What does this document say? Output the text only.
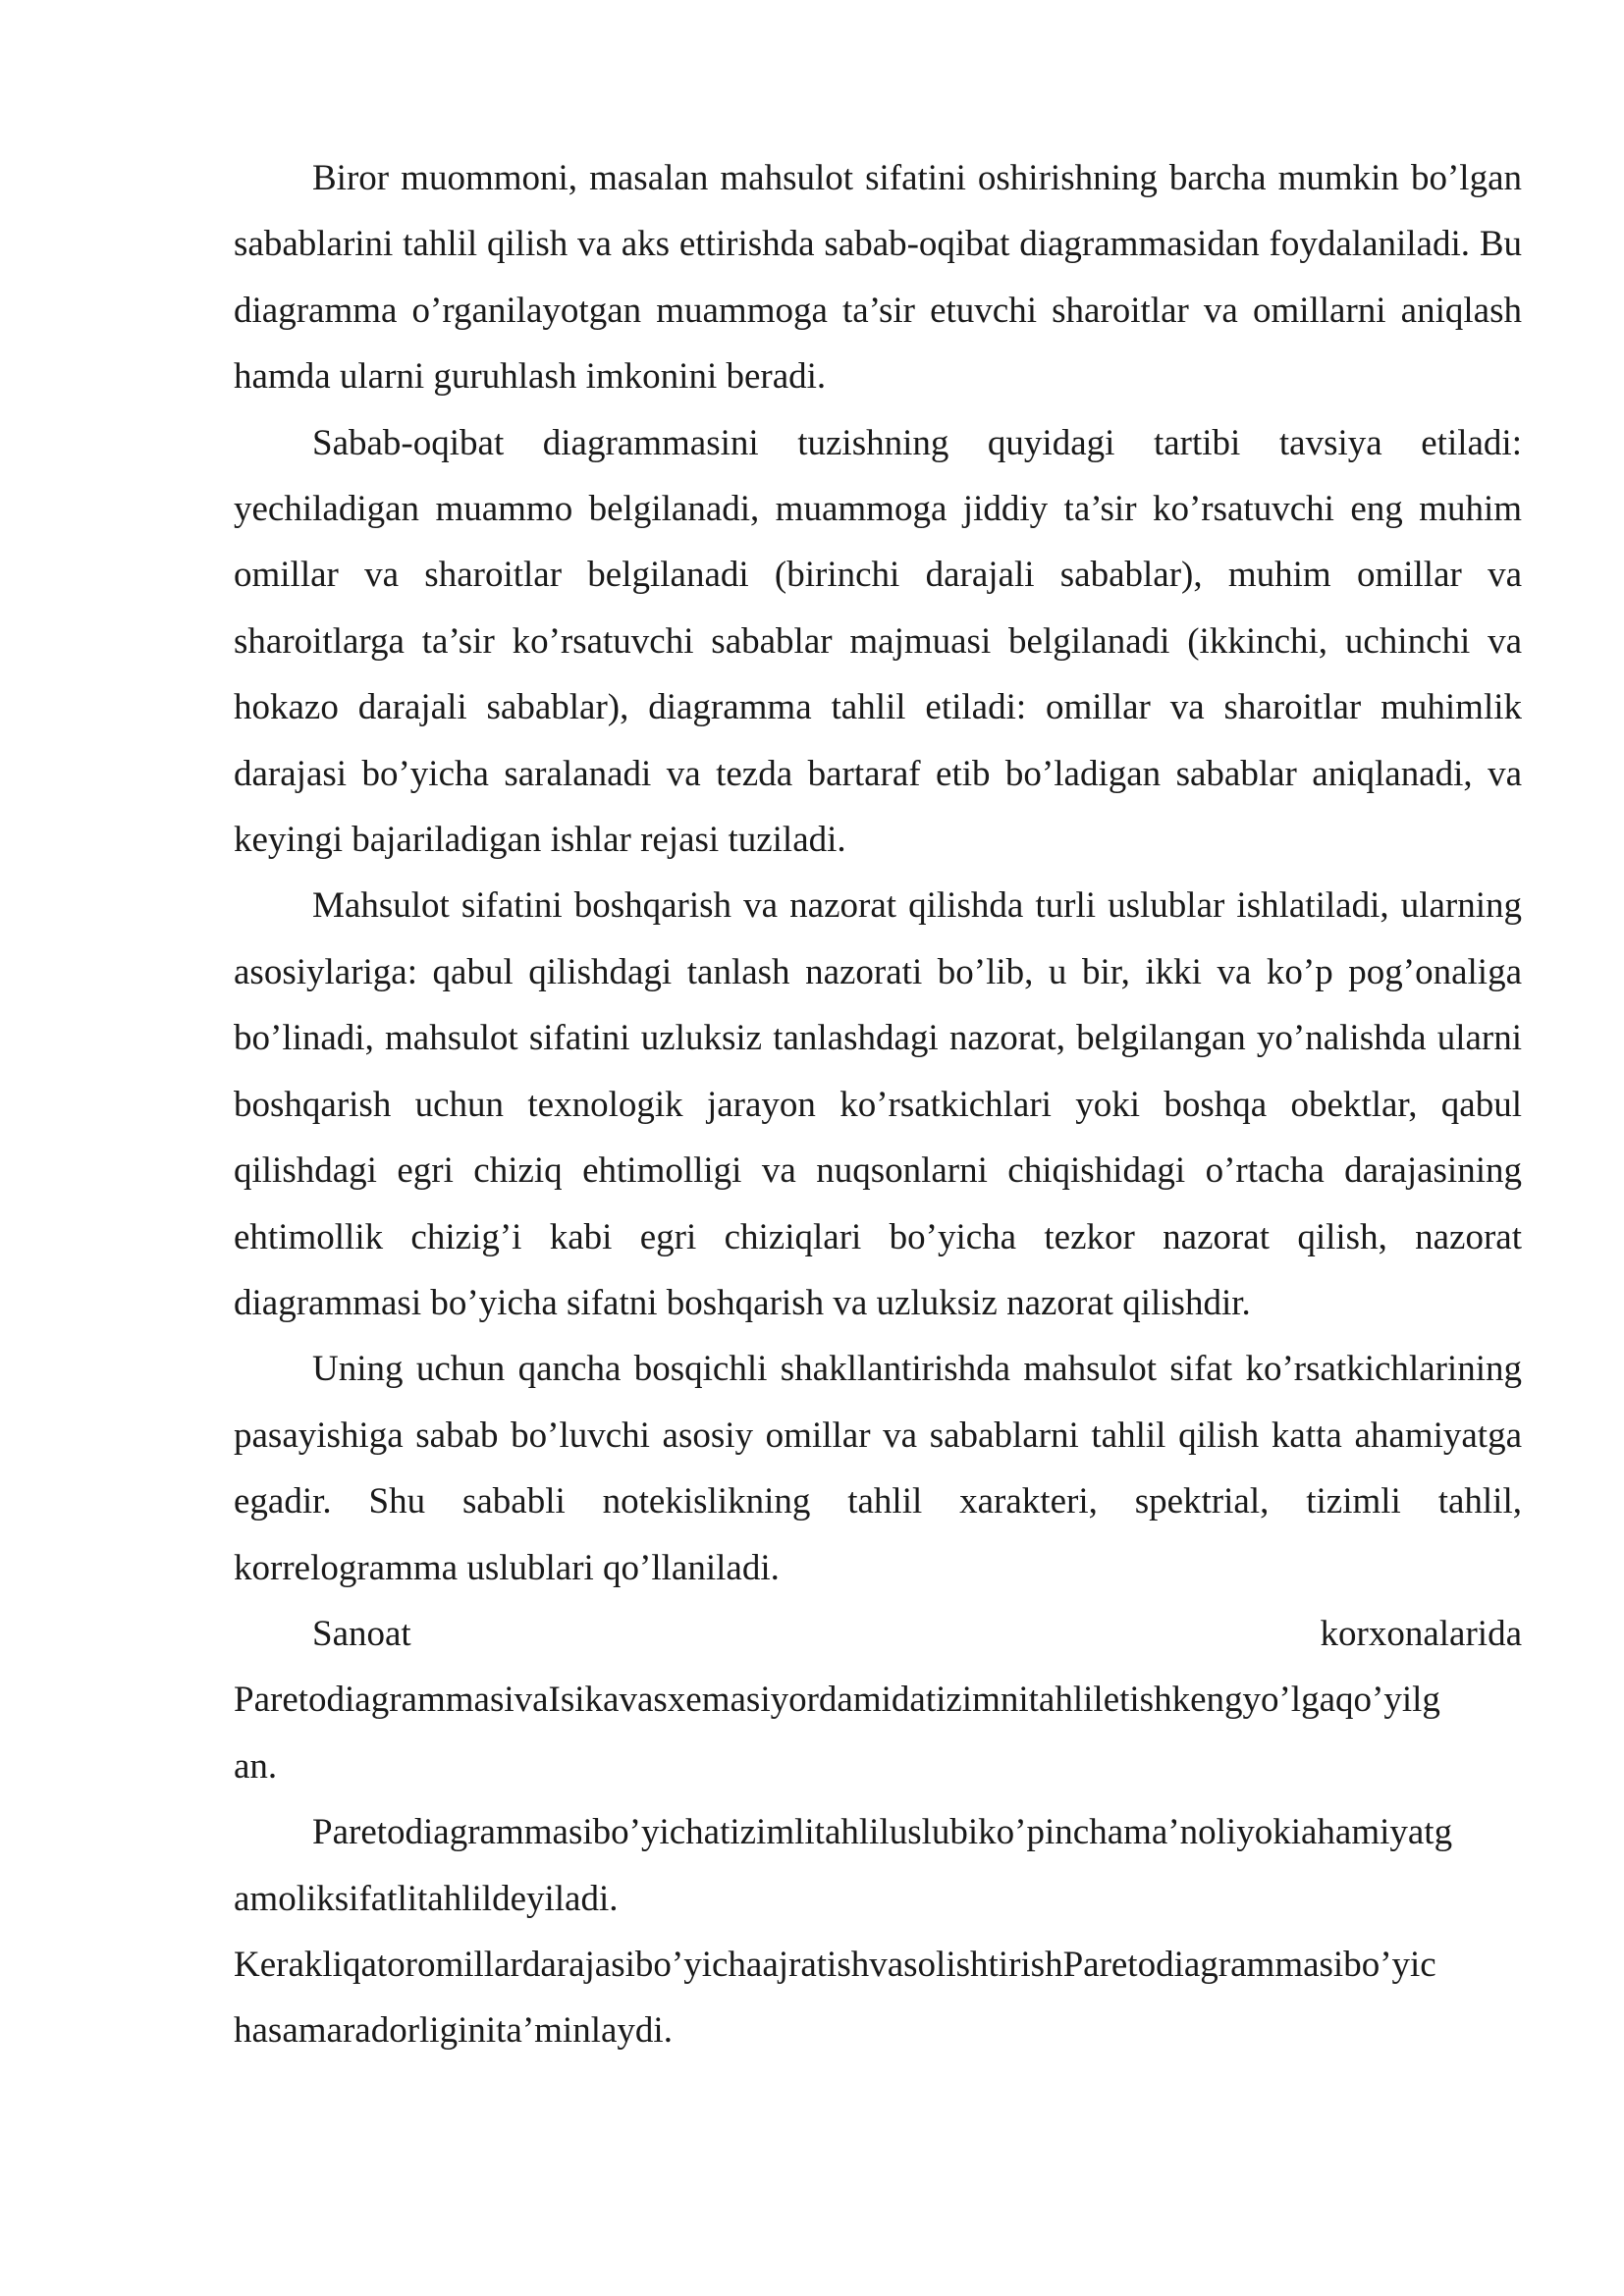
Biror muommoni, masalan mahsulot sifatini oshirishning barcha mumkin bo’lgan sabablarini tahlil qilish va aks ettirishda sabab-oqibat diagrammasidan foydalaniladi. Bu diagramma o’rganilayotgan muammoga ta’sir etuvchi sharoitlar va omillarni aniqlash hamda ularni guruhlash imkonini beradi.

Sabab-oqibat diagrammasini tuzishning quyidagi tartibi tavsiya etiladi: yechiladigan muammo belgilanadi, muammoga jiddiy ta’sir ko’rsatuvchi eng muhim omillar va sharoitlar belgilanadi (birinchi darajali sabablar), muhim omillar va sharoitlarga ta’sir ko’rsatuvchi sabablar majmuasi belgilanadi (ikkinchi, uchinchi va hokazo darajali sabablar), diagramma tahlil etiladi: omillar va sharoitlar muhimlik darajasi bo’yicha saralanadi va tezda bartaraf etib bo’ladigan sabablar aniqlanadi, va keyingi bajariladigan ishlar rejasi tuziladi.

Mahsulot sifatini boshqarish va nazorat qilishda turli uslublar ishlatiladi, ularning asosiylariga: qabul qilishdagi tanlash nazorati bo’lib, u bir, ikki va ko’p pog’onaliga bo’linadi, mahsulot sifatini uzluksiz tanlashdagi nazorat, belgilangan yo’nalishda ularni boshqarish uchun texnologik jarayon ko’rsatkichlari yoki boshqa obektlar, qabul qilishdagi egri chiziq ehtimolligi va nuqsonlarni chiqishidagi o’rtacha darajasining ehtimollik chizig’i kabi egri chiziqlari bo’yicha tezkor nazorat qilish, nazorat diagrammasi bo’yicha sifatni boshqarish va uzluksiz nazorat qilishdir.

Uning uchun qancha bosqichli shakllantirishda mahsulot sifat ko’rsatkichlarining pasayishiga sabab bo’luvchi asosiy omillar va sabablarni tahlil qilish katta ahamiyatga egadir. Shu sababli notekislikning tahlil xarakteri, spektrial, tizimli tahlil, korrelogramma uslublari qo’llaniladi.

Sanoat	korxonalarida
ParetodiagrammasivaIsikavasxemasiyordamidatizimnitahliletishkengyo’lgaqo’yilg
an.
Paretodiagrammasibo’yichatizimlitahliluslubiko’pinchama’noliyokiahamiyatg
amoliksifatlitahlildeyiladi.
Kerakliqatoromillardarajasibo’yichaajratishvasolishtirishParetodiagrammasibo’yic
hasamaradorliginita’minlaydi.
